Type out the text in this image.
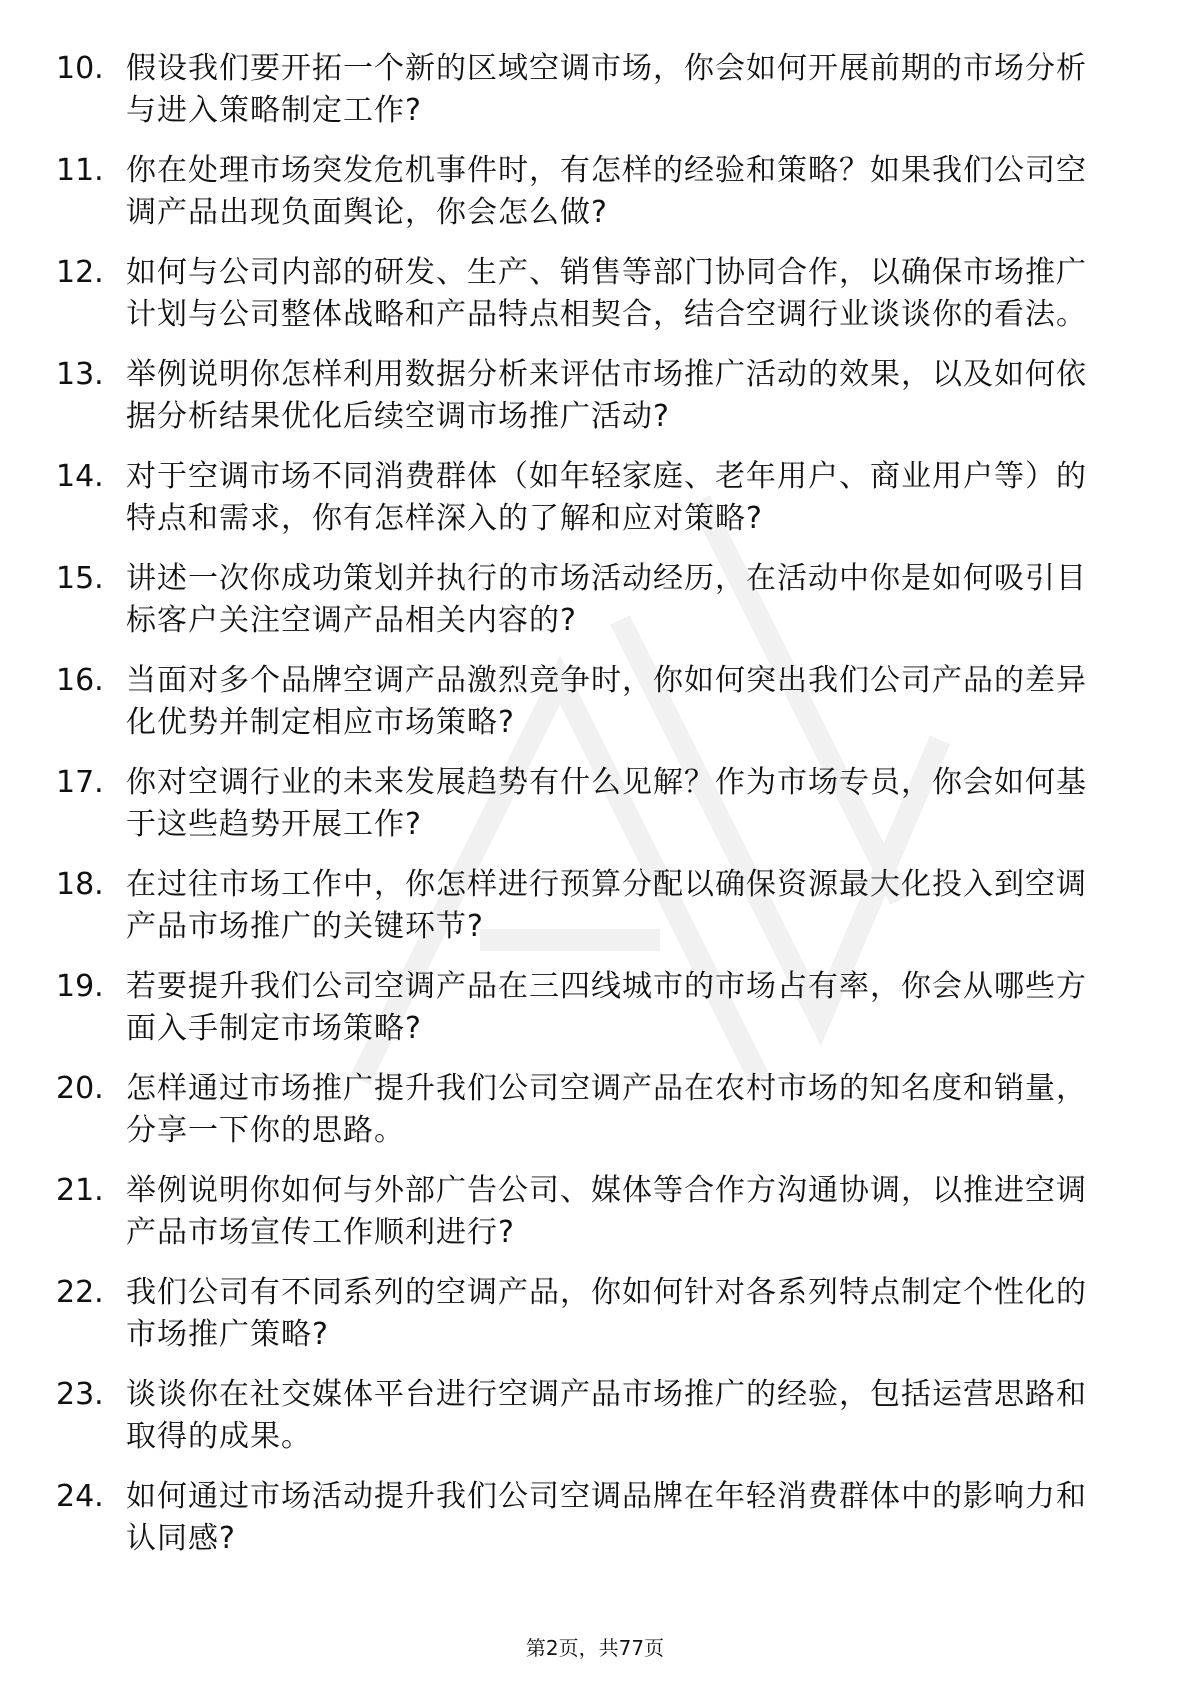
10. 假设我们要开拓一个新的区域空调市场，你会如何开展前期的市场分析与进入策略制定工作?
11. 你在处理市场突发危机事件时，有怎样的经验和策略？如果我们公司空调产品出现负面舆论，你会怎么做?
12. 如何与公司内部的研发、生产、销售等部门协同合作，以确保市场推广计划与公司整体战略和产品特点相契合，结合空调行业谈谈你的看法。
13. 举例说明你怎样利用数据分析来评估市场推广活动的效果，以及如何依据分析结果优化后续空调市场推广活动?
14. 对于空调市场不同消费群体（如年轻家庭、老年用户、商业用户等）的特点和需求，你有怎样深入的了解和应对策略?
15. 讲述一次你成功策划并执行的市场活动经历，在活动中你是如何吸引目标客户关注空调产品相关内容的?
16. 当面对多个品牌空调产品激烈竞争时，你如何突出我们公司产品的差异化优势并制定相应市场策略?
17. 你对空调行业的未来发展趋势有什么见解？作为市场专员，你会如何基于这些趋势开展工作?
18. 在过往市场工作中，你怎样进行预算分配以确保资源最大化投入到空调产品市场推广的关键环节?
19. 若要提升我们公司空调产品在三四线城市的市场占有率，你会从哪些方面入手制定市场策略?
20. 怎样通过市场推广提升我们公司空调产品在农村市场的知名度和销量，分享一下你的思路。
21. 举例说明你如何与外部广告公司、媒体等合作方沟通协调，以推进空调产品市场宣传工作顺利进行?
22. 我们公司有不同系列的空调产品，你如何针对各系列特点制定个性化的市场推广策略?
23. 谈谈你在社交媒体平台进行空调产品市场推广的经验，包括运营思路和取得的成果。
24. 如何通过市场活动提升我们公司空调品牌在年轻消费群体中的影响力和认同感?
第2页，共77页
